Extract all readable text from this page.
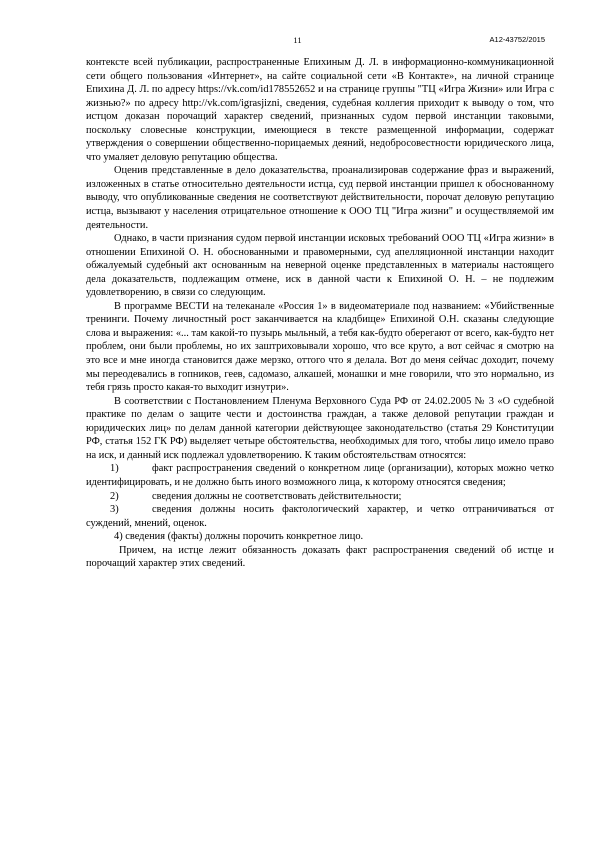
11	А12-43752/2015

контексте всей публикации, распространенные Епихиным Д. Л. в информационно-коммуникационной сети общего пользования «Интернет», на сайте социальной сети «В Контакте», на личной странице Епихина Д. Л. по адресу https://vk.com/id178552652 и на странице группы "ТЦ «Игра Жизни» или Игра с жизнью?» по адресу http://vk.com/igrasjizni, сведения, судебная коллегия приходит к выводу о том, что истцом доказан порочащий характер сведений, признанных судом первой инстанции таковыми, поскольку словесные конструкции, имеющиеся в тексте размещенной информации, содержат утверждения о совершении общественно-порицаемых деяний, недобросовестности юридического лица, что умаляет деловую репутацию общества.

Оценив представленные в дело доказательства, проанализировав содержание фраз и выражений, изложенных в статье относительно деятельности истца, суд первой инстанции пришел к обоснованному выводу, что опубликованные сведения не соответствуют действительности, порочат деловую репутацию истца, вызывают у населения отрицательное отношение к ООО ТЦ "Игра жизни" и осуществляемой им деятельности.

Однако, в части признания судом первой инстанции исковых требований ООО ТЦ «Игра жизни» в отношении Епихиной О. Н. обоснованными и правомерными, суд апелляционной инстанции находит обжалуемый судебный акт основанным на неверной оценке представленных в материалы настоящего дела доказательств, подлежащим отмене, иск в данной части к Епихиной О. Н. – не подлежим удовлетворению, в связи со следующим.

В программе ВЕСТИ на телеканале «Россия 1» в видеоматериале под названием: «Убийственные тренинги. Почему личностный рост заканчивается на кладбище» Епихиной О.Н. сказаны следующие слова и выражения: «... там какой-то пузырь мыльный, а тебя как-будто оберегают от всего, как-будто нет проблем, они были проблемы, но их заштриховывали хорошо, что все круто, а вот сейчас я смотрю на это все и мне иногда становится даже мерзко, оттого что я делала. Вот до меня сейчас доходит, почему мы переодевались в гопников, геев, садомазо, алкашей, монашки и мне говорили, что это нормально, из тебя грязь просто какая-то выходит изнутри».

В соответствии с Постановлением Пленума Верховного Суда РФ от 24.02.2005 № 3 «О судебной практике по делам о защите чести и достоинства граждан, а также деловой репутации граждан и юридических лиц» по делам данной категории действующее законодательство (статья 29 Конституции РФ, статья 152 ГК РФ) выделяет четыре обстоятельства, необходимых для того, чтобы лицо имело право на иск, и данный иск подлежал удовлетворению. К таким обстоятельствам относятся:

1)	факт распространения сведений о конкретном лице (организации), которых можно четко идентифицировать, и не должно быть иного возможного лица, к которому относятся сведения;

2)	сведения должны не соответствовать действительности;

3)	сведения должны носить фактологический характер, и четко отграничиваться от суждений, мнений, оценок.

4) сведения (факты) должны порочить конкретное лицо.

Причем, на истце лежит обязанность доказать факт распространения сведений об истце и порочащий характер этих сведений.
